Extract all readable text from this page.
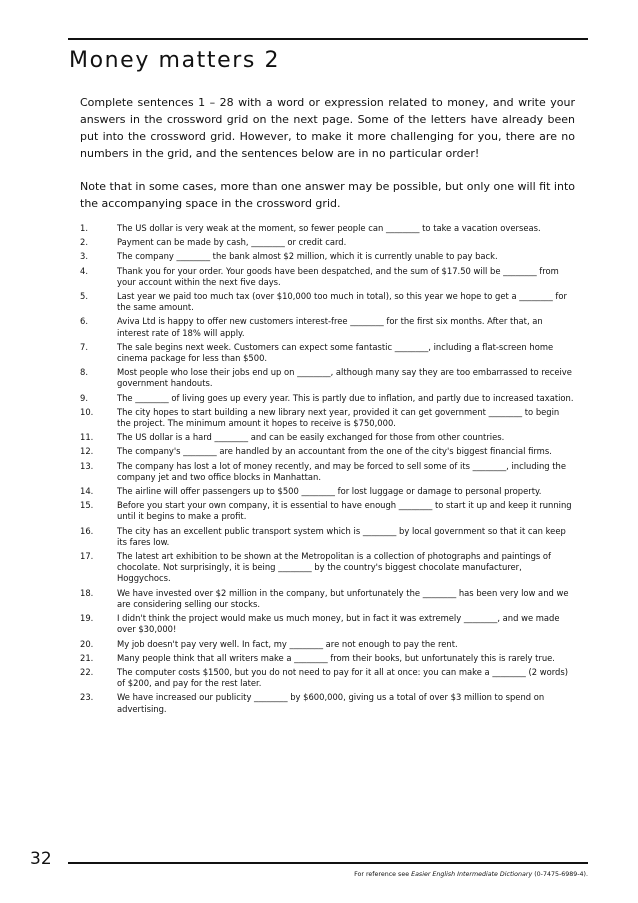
Money matters 2

Complete sentences 1 – 28 with a word or expression related to money, and write your answers in the crossword grid on the next page. Some of the letters have already been put into the crossword grid. However, to make it more challenging for you, there are no numbers in the grid, and the sentences below are in no particular order!

Note that in some cases, more than one answer may be possible, but only one will fit into the accompanying space in the crossword grid.

1.	The US dollar is very weak at the moment, so fewer people can ________ to take a vacation overseas.
2.	Payment can be made by cash, ________ or credit card.
3.	The company ________ the bank almost $2 million, which it is currently unable to pay back.
4.	Thank you for your order. Your goods have been despatched, and the sum of $17.50 will be ________ from your account within the next five days.
5.	Last year we paid too much tax (over $10,000 too much in total), so this year we hope to get a ________ for the same amount.
6.	Aviva Ltd is happy to offer new customers interest-free ________ for the first six months. After that, an interest rate of 18% will apply.
7.	The sale begins next week. Customers can expect some fantastic ________, including a flat-screen home cinema package for less than $500.
8.	Most people who lose their jobs end up on ________, although many say they are too embarrassed to receive government handouts.
9.	The ________ of living goes up every year. This is partly due to inflation, and partly due to increased taxation.
10.	The city hopes to start building a new library next year, provided it can get government ________ to begin the project. The minimum amount it hopes to receive is $750,000.
11.	The US dollar is a hard ________ and can be easily exchanged for those from other countries.
12.	The company's ________ are handled by an accountant from the one of the city's biggest financial firms.
13.	The company has lost a lot of money recently, and may be forced to sell some of its ________, including the company jet and two office blocks in Manhattan.
14.	The airline will offer passengers up to $500 ________ for lost luggage or damage to personal property.
15.	Before you start your own company, it is essential to have enough ________ to start it up and keep it running until it begins to make a profit.
16.	The city has an excellent public transport system which is ________ by local government so that it can keep its fares low.
17.	The latest art exhibition to be shown at the Metropolitan is a collection of photographs and paintings of chocolate. Not surprisingly, it is being ________ by the country's biggest chocolate manufacturer, Hoggychocs.
18.	We have invested over $2 million in the company, but unfortunately the ________ has been very low and we are considering selling our stocks.
19.	I didn't think the project would make us much money, but in fact it was extremely ________, and we made over $30,000!
20.	My job doesn't pay very well. In fact, my ________ are not enough to pay the rent.
21.	Many people think that all writers make a ________ from their books, but unfortunately this is rarely true.
22.	The computer costs $1500, but you do not need to pay for it all at once: you can make a ________ (2 words) of $200, and pay for the rest later.
23.	We have increased our publicity ________ by $600,000, giving us a total of over $3 million to spend on advertising.
32
For reference see Easier English Intermediate Dictionary (0-7475-6989-4).
